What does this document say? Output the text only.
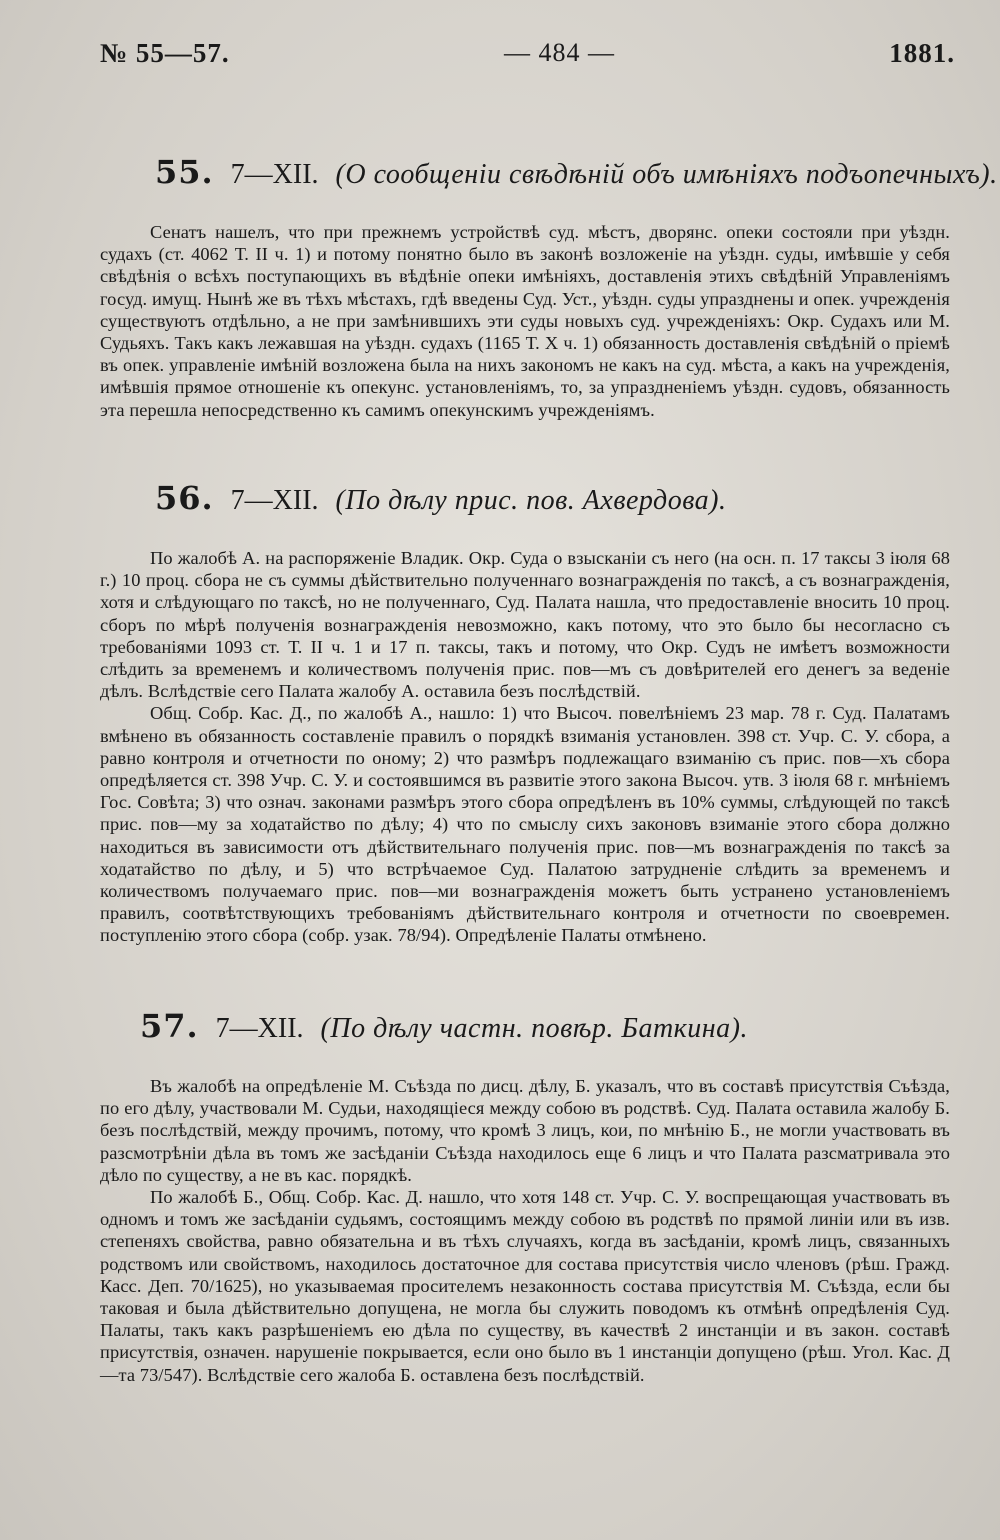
№ 55—57.	— 484 —	1881.
55. 7—XII. (О сообщеніи свѣдѣній объ имѣніяхъ подъопечныхъ).

Сенатъ нашелъ, что при прежнемъ устройствѣ суд. мѣстъ, дворянс. опеки состояли при уѣздн. судахъ (ст. 4062 Т. II ч. 1) и потому понятно было въ законѣ возложеніе на уѣздн. суды, имѣвшіе у себя свѣдѣнія о всѣхъ поступающихъ въ вѣдѣніе опеки имѣніяхъ, доставленія этихъ свѣдѣній Управленіямъ госуд. имущ. Нынѣ же въ тѣхъ мѣстахъ, гдѣ введены Суд. Уст., уѣздн. суды упразднены и опек. учрежденія существуютъ отдѣльно, а не при замѣнившихъ эти суды новыхъ суд. учрежденіяхъ: Окр. Судахъ или М. Судьяхъ. Такъ какъ лежавшая на уѣздн. судахъ (1165 Т. X ч. 1) обязанность доставленія свѣдѣній о пріемѣ въ опек. управленіе имѣній возложена была на нихъ закономъ не какъ на суд. мѣста, а какъ на учрежденія, имѣвшія прямое отношеніе къ опекунс. установленіямъ, то, за упраздненіемъ уѣздн. судовъ, обязанность эта перешла непосредственно къ самимъ опекунскимъ учрежденіямъ.

56. 7—XII. (По дѣлу прис. пов. Ахвердова).

По жалобѣ А. на распоряженіе Владик. Окр. Суда о взысканіи съ него (на осн. п. 17 таксы 3 іюля 68 г.) 10 проц. сбора не съ суммы дѣйствительно полученнаго вознагражденія по таксѣ, а съ вознагражденія, хотя и слѣдующаго по таксѣ, но не полученнаго, Суд. Палата нашла, что предоставленіе вносить 10 проц. сборъ по мѣрѣ полученія вознагражденія невозможно, какъ потому, что это было бы несогласно съ требованіями 1093 ст. Т. II ч. 1 и 17 п. таксы, такъ и потому, что Окр. Судъ не имѣетъ возможности слѣдить за временемъ и количествомъ полученія прис. пов—мъ съ довѣрителей его денегъ за веденіе дѣлъ. Вслѣдствіе сего Палата жалобу А. оставила безъ послѣдствій.

Общ. Собр. Кас. Д., по жалобѣ А., нашло: 1) что Высоч. повелѣніемъ 23 мар. 78 г. Суд. Палатамъ вмѣнено въ обязанность составленіе правилъ о порядкѣ взиманія установлен. 398 ст. Учр. С. У. сбора, а равно контроля и отчетности по оному; 2) что размѣръ подлежащаго взиманію съ прис. пов—хъ сбора опредѣляется ст. 398 Учр. С. У. и состоявшимся въ развитіе этого закона Высоч. утв. 3 іюля 68 г. мнѣніемъ Гос. Совѣта; 3) что означ. законами размѣръ этого сбора опредѣленъ въ 10% суммы, слѣдующей по таксѣ прис. пов—му за ходатайство по дѣлу; 4) что по смыслу сихъ законовъ взиманіе этого сбора должно находиться въ зависимости отъ дѣйствительнаго полученія прис. пов—мъ вознагражденія по таксѣ за ходатайство по дѣлу, и 5) что встрѣчаемое Суд. Палатою затрудненіе слѣдить за временемъ и количествомъ получаемаго прис. пов—ми вознагражденія можетъ быть устранено установленіемъ правилъ, соотвѣтствующихъ требованіямъ дѣйствительнаго контроля и отчетности по своевремен. поступленію этого сбора (собр. узак. 78/94). Опредѣленіе Палаты отмѣнено.

57. 7—XII. (По дѣлу частн. повѣр. Баткина).

Въ жалобѣ на опредѣленіе М. Съѣзда по дисц. дѣлу, Б. указалъ, что въ составѣ присутствія Съѣзда, по его дѣлу, участвовали М. Судьи, находящіеся между собою въ родствѣ. Суд. Палата оставила жалобу Б. безъ послѣдствій, между прочимъ, потому, что кромѣ 3 лицъ, кои, по мнѣнію Б., не могли участвовать въ разсмотрѣніи дѣла въ томъ же засѣданіи Съѣзда находилось еще 6 лицъ и что Палата разсматривала это дѣло по существу, а не въ кас. порядкѣ.

По жалобѣ Б., Общ. Собр. Кас. Д. нашло, что хотя 148 ст. Учр. С. У. воспрещающая участвовать въ одномъ и томъ же засѣданіи судьямъ, состоящимъ между собою въ родствѣ по прямой линіи или въ изв. степеняхъ свойства, равно обязательна и въ тѣхъ случаяхъ, когда въ засѣданіи, кромѣ лицъ, связанныхъ родствомъ или свойствомъ, находилось достаточное для состава присутствія число членовъ (рѣш. Гражд. Касс. Деп. 70/1625), но указываемая просителемъ незаконность состава присутствія М. Съѣзда, если бы таковая и была дѣйствительно допущена, не могла бы служить поводомъ къ отмѣнѣ опредѣленія Суд. Палаты, такъ какъ разрѣшеніемъ ею дѣла по существу, въ качествѣ 2 инстанціи и въ закон. составѣ присутствія, означен. нарушеніе покрывается, если оно было въ 1 инстанціи допущено (рѣш. Угол. Кас. Д—та 73/547). Вслѣдствіе сего жалоба Б. оставлена безъ послѣдствій.
